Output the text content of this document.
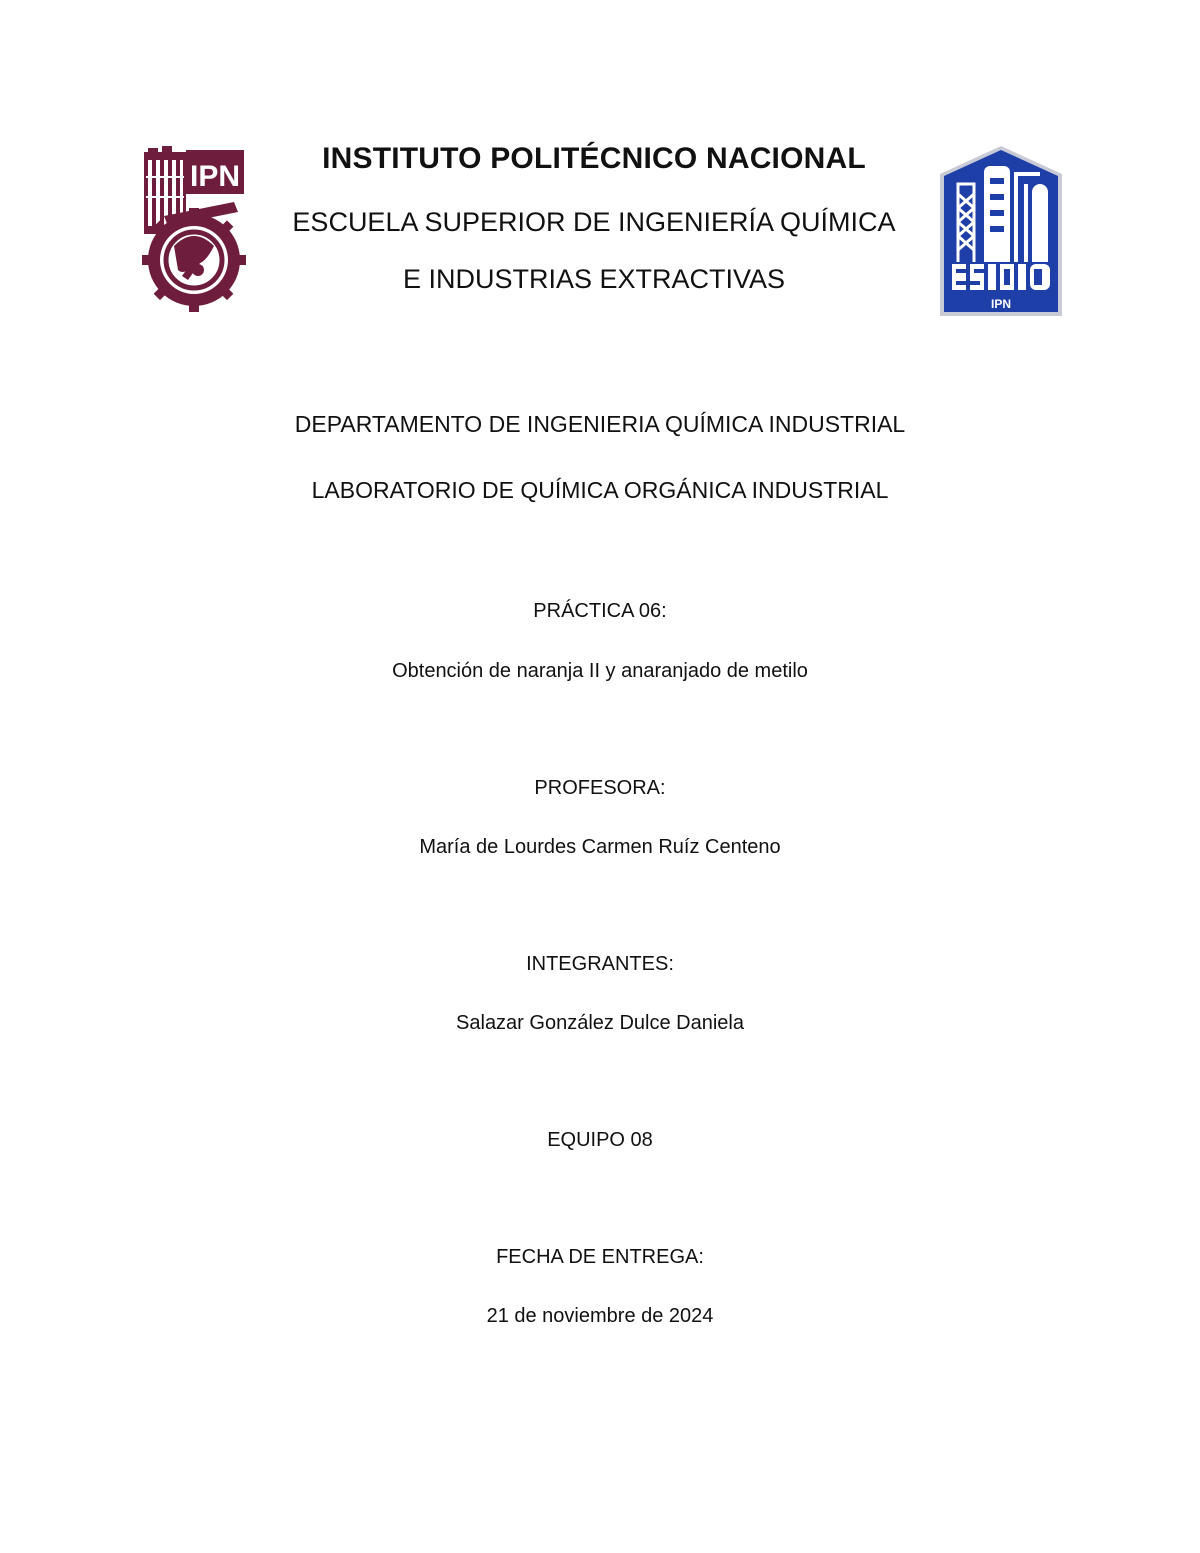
IPN
IPN
INSTITUTO POLITÉCNICO NACIONAL
ESCUELA SUPERIOR DE INGENIERÍA QUÍMICA
E INDUSTRIAS EXTRACTIVAS

DEPARTAMENTO DE INGENIERIA QUÍMICA INDUSTRIAL

LABORATORIO DE QUÍMICA ORGÁNICA INDUSTRIAL

PRÁCTICA 06:

Obtención de naranja II y anaranjado de metilo

PROFESORA:

María de Lourdes Carmen Ruíz Centeno

INTEGRANTES:

Salazar González Dulce Daniela

EQUIPO 08

FECHA DE ENTREGA:

21 de noviembre de 2024
